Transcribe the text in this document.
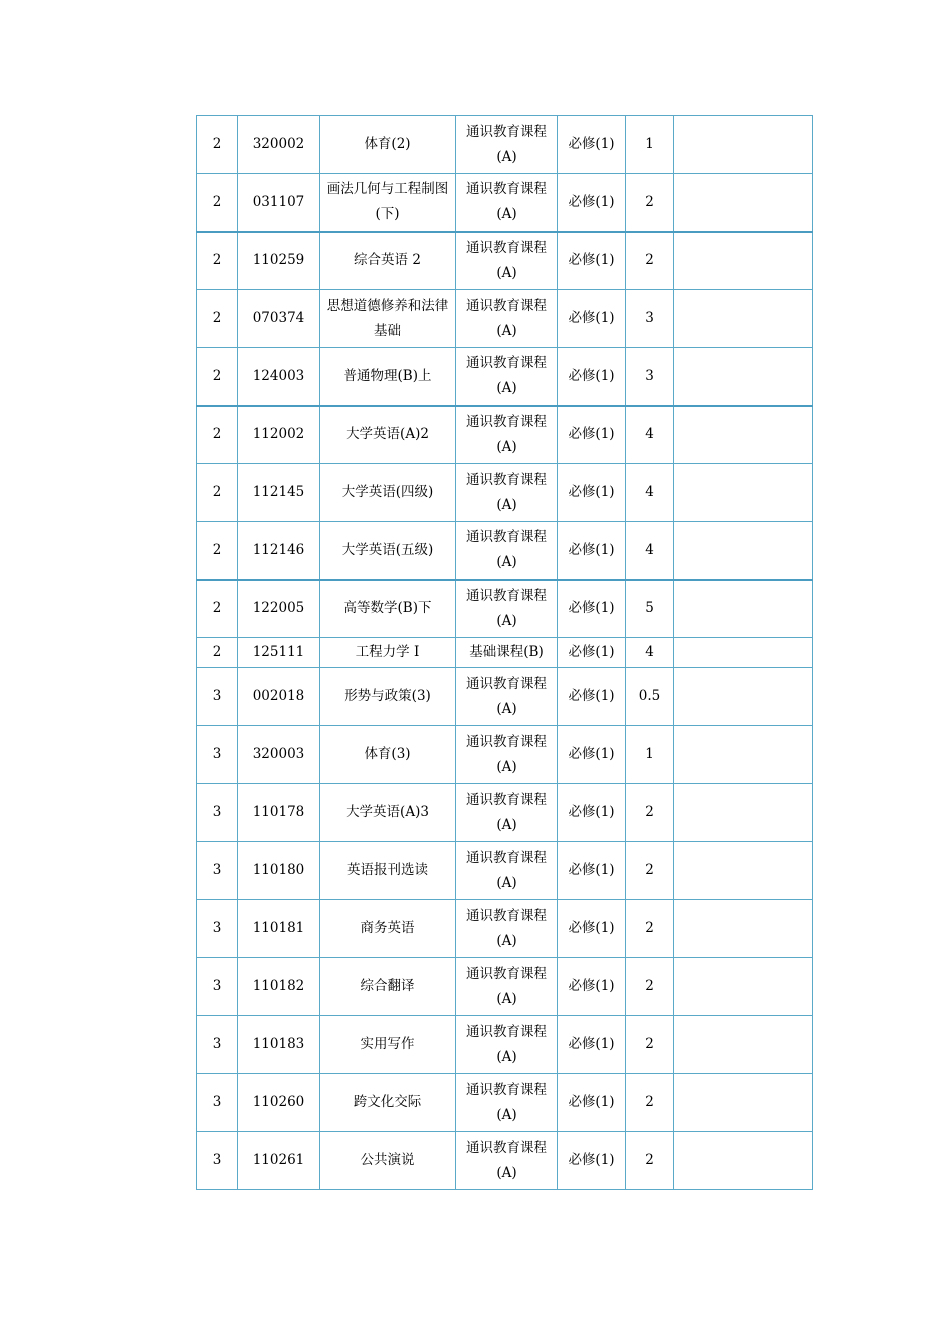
2	320002	体育(2)	通识教育课程(A)	必修(1)	1	
2	031107	画法几何与工程制图(下)	通识教育课程(A)	必修(1)	2	
2	110259	综合英语 2	通识教育课程(A)	必修(1)	2	
2	070374	思想道德修养和法律基础	通识教育课程(A)	必修(1)	3	
2	124003	普通物理(B)上	通识教育课程(A)	必修(1)	3	
2	112002	大学英语(A)2	通识教育课程(A)	必修(1)	4	
2	112145	大学英语(四级)	通识教育课程(A)	必修(1)	4	
2	112146	大学英语(五级)	通识教育课程(A)	必修(1)	4	
2	122005	高等数学(B)下	通识教育课程(A)	必修(1)	5	
2	125111	工程力学 I	基础课程(B)	必修(1)	4	
3	002018	形势与政策(3)	通识教育课程(A)	必修(1)	0.5	
3	320003	体育(3)	通识教育课程(A)	必修(1)	1	
3	110178	大学英语(A)3	通识教育课程(A)	必修(1)	2	
3	110180	英语报刊选读	通识教育课程(A)	必修(1)	2	
3	110181	商务英语	通识教育课程(A)	必修(1)	2	
3	110182	综合翻译	通识教育课程(A)	必修(1)	2	
3	110183	实用写作	通识教育课程(A)	必修(1)	2	
3	110260	跨文化交际	通识教育课程(A)	必修(1)	2	
3	110261	公共演说	通识教育课程(A)	必修(1)	2	
